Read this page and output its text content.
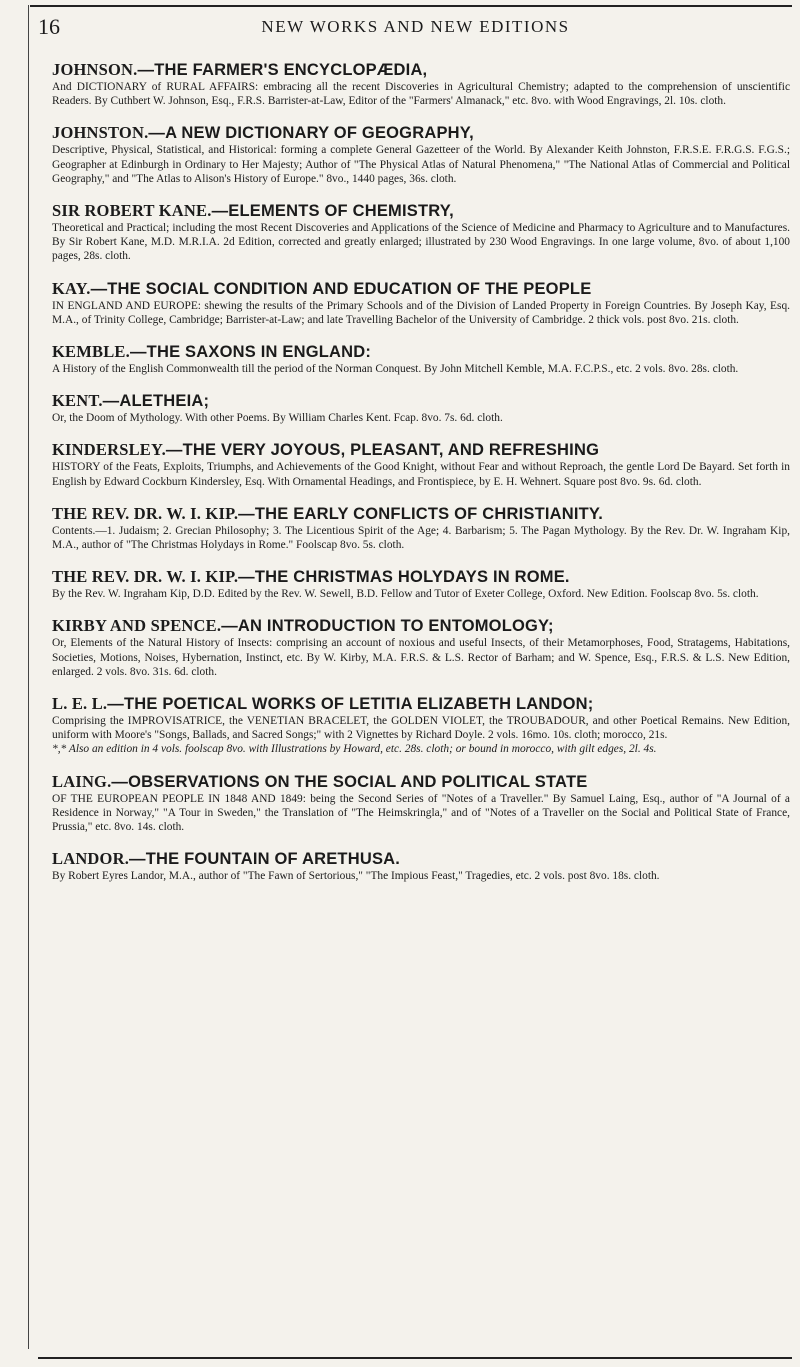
16	NEW WORKS AND NEW EDITIONS
JOHNSON.—THE FARMER'S ENCYCLOPÆDIA,
And DICTIONARY of RURAL AFFAIRS: embracing all the recent Discoveries in Agricultural Chemistry; adapted to the comprehension of unscientific Readers. By Cuthbert W. Johnson, Esq., F.R.S. Barrister-at-Law, Editor of the "Farmers' Almanack," etc. 8vo. with Wood Engravings, 2l. 10s. cloth.
JOHNSTON.—A NEW DICTIONARY OF GEOGRAPHY,
Descriptive, Physical, Statistical, and Historical: forming a complete General Gazetteer of the World. By Alexander Keith Johnston, F.R.S.E. F.R.G.S. F.G.S.; Geographer at Edinburgh in Ordinary to Her Majesty; Author of "The Physical Atlas of Natural Phenomena," "The National Atlas of Commercial and Political Geography," and "The Atlas to Alison's History of Europe." 8vo., 1440 pages, 36s. cloth.
SIR ROBERT KANE.—ELEMENTS OF CHEMISTRY,
Theoretical and Practical; including the most Recent Discoveries and Applications of the Science of Medicine and Pharmacy to Agriculture and to Manufactures. By Sir Robert Kane, M.D. M.R.I.A. 2d Edition, corrected and greatly enlarged; illustrated by 230 Wood Engravings. In one large volume, 8vo. of about 1,100 pages, 28s. cloth.
KAY.—THE SOCIAL CONDITION AND EDUCATION OF THE PEOPLE
IN ENGLAND AND EUROPE: shewing the results of the Primary Schools and of the Division of Landed Property in Foreign Countries. By Joseph Kay, Esq. M.A., of Trinity College, Cambridge; Barrister-at-Law; and late Travelling Bachelor of the University of Cambridge. 2 thick vols. post 8vo. 21s. cloth.
KEMBLE.—THE SAXONS IN ENGLAND:
A History of the English Commonwealth till the period of the Norman Conquest. By John Mitchell Kemble, M.A. F.C.P.S., etc. 2 vols. 8vo. 28s. cloth.
KENT.—ALETHEIA;
Or, the Doom of Mythology. With other Poems. By William Charles Kent. Fcap. 8vo. 7s. 6d. cloth.
KINDERSLEY.—THE VERY JOYOUS, PLEASANT, AND REFRESHING
HISTORY of the Feats, Exploits, Triumphs, and Achievements of the Good Knight, without Fear and without Reproach, the gentle Lord De Bayard. Set forth in English by Edward Cockburn Kindersley, Esq. With Ornamental Headings, and Frontispiece, by E. H. Wehnert. Square post 8vo. 9s. 6d. cloth.
THE REV. DR. W. I. KIP.—THE EARLY CONFLICTS OF CHRISTIANITY.
Contents.—1. Judaism; 2. Grecian Philosophy; 3. The Licentious Spirit of the Age; 4. Barbarism; 5. The Pagan Mythology. By the Rev. Dr. W. Ingraham Kip, M.A., author of "The Christmas Holydays in Rome." Foolscap 8vo. 5s. cloth.
THE REV. DR. W. I. KIP.—THE CHRISTMAS HOLYDAYS IN ROME.
By the Rev. W. Ingraham Kip, D.D. Edited by the Rev. W. Sewell, B.D. Fellow and Tutor of Exeter College, Oxford. New Edition. Foolscap 8vo. 5s. cloth.
KIRBY AND SPENCE.—AN INTRODUCTION TO ENTOMOLOGY;
Or, Elements of the Natural History of Insects: comprising an account of noxious and useful Insects, of their Metamorphoses, Food, Stratagems, Habitations, Societies, Motions, Noises, Hybernation, Instinct, etc. By W. Kirby, M.A. F.R.S. & L.S. Rector of Barham; and W. Spence, Esq., F.R.S. & L.S. New Edition, enlarged. 2 vols. 8vo. 31s. 6d. cloth.
L. E. L.—THE POETICAL WORKS OF LETITIA ELIZABETH LANDON;
Comprising the IMPROVISATRICE, the VENETIAN BRACELET, the GOLDEN VIOLET, the TROUBADOUR, and other Poetical Remains. New Edition, uniform with Moore's "Songs, Ballads, and Sacred Songs;" with 2 Vignettes by Richard Doyle. 2 vols. 16mo. 10s. cloth; morocco, 21s.
*,* Also an edition in 4 vols. foolscap 8vo. with Illustrations by Howard, etc. 28s. cloth; or bound in morocco, with gilt edges, 2l. 4s.
LAING.—OBSERVATIONS ON THE SOCIAL AND POLITICAL STATE
OF THE EUROPEAN PEOPLE IN 1848 AND 1849: being the Second Series of "Notes of a Traveller." By Samuel Laing, Esq., author of "A Journal of a Residence in Norway," "A Tour in Sweden," the Translation of "The Heimskringla," and of "Notes of a Traveller on the Social and Political State of France, Prussia," etc. 8vo. 14s. cloth.
LANDOR.—THE FOUNTAIN OF ARETHUSA.
By Robert Eyres Landor, M.A., author of "The Fawn of Sertorious," "The Impious Feast," Tragedies, etc. 2 vols. post 8vo. 18s. cloth.
